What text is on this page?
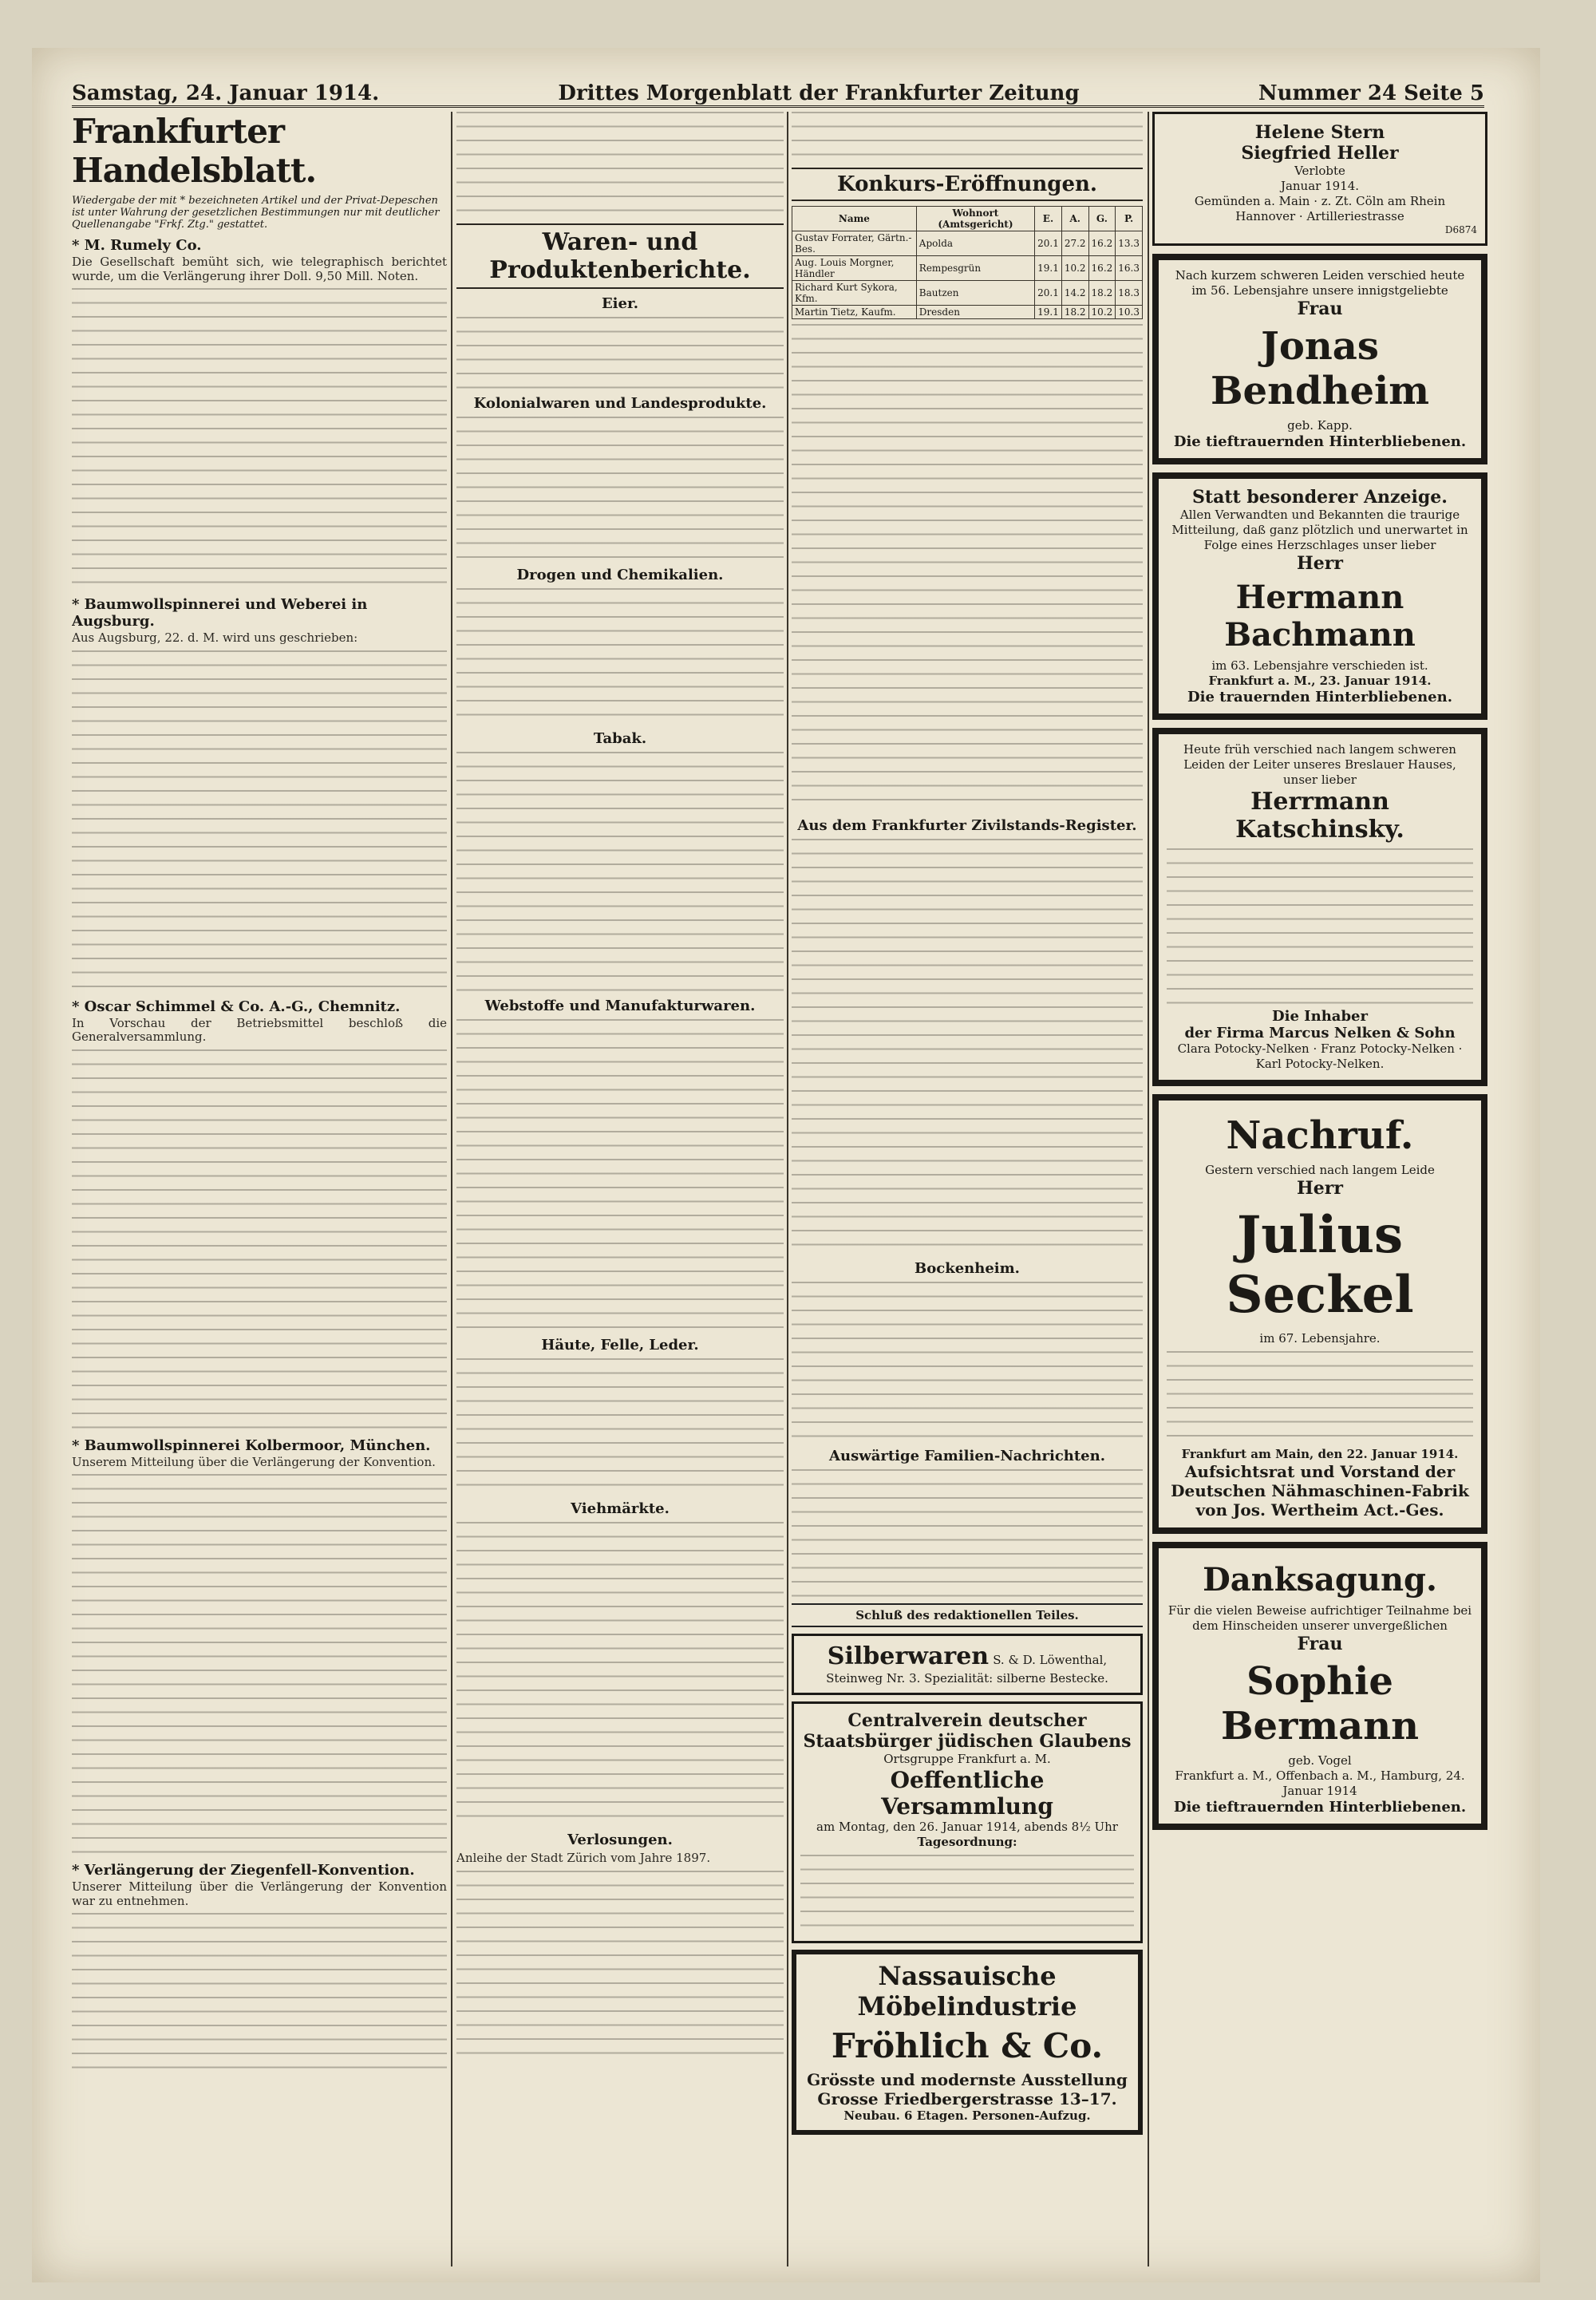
Samstag, 24. Januar 1914.	Drittes Morgenblatt der Frankfurter Zeitung	Nummer 24 Seite 5
Frankfurter Handelsblatt.
Wiedergabe der mit * bezeichneten Artikel und der Privat-Depeschen ist unter Wahrung der gesetzlichen Bestimmungen nur mit deutlicher Quellenangabe "Frkf. Ztg." gestattet.
* M. Rumely Co.
Die Gesellschaft bemüht sich, wie telegraphisch berichtet wurde, um die Verlängerung ihrer Doll. 9,50 Mill. Noten.
* Baumwollspinnerei und Weberei in Augsburg.
Aus Augsburg, 22. d. M. wird uns geschrieben:
* Oscar Schimmel & Co. A.-G., Chemnitz.
In Vorschau der Betriebsmittel beschloß die Generalversammlung.
* Baumwollspinnerei Kolbermoor, München.
Unserem Mitteilung über die Verlängerung der Konvention.
* Verlängerung der Ziegenfell-Konvention.
Unserer Mitteilung über die Verlängerung der Konvention war zu entnehmen.
Waren- und Produktenberichte.
Eier.
Kolonialwaren und Landesprodukte.
Drogen und Chemikalien.
Tabak.
Webstoffe und Manufakturwaren.
Häute, Felle, Leder.
Viehmärkte.
Verlosungen.
Anleihe der Stadt Zürich vom Jahre 1897.
Konkurs-Eröffnungen.
Name	Wohnort (Amtsgericht)	E.	A.	G.	P.
Gustav Forrater, Gärtn.-Bes.	Apolda	20.1	27.2	16.2	13.3
Aug. Louis Morgner, Händler	Rempesgrün	19.1	10.2	16.2	16.3
Richard Kurt Sykora, Kfm.	Bautzen	20.1	14.2	18.2	18.3
Martin Tietz, Kaufm.	Dresden	19.1	18.2	10.2	10.3
Aus dem Frankfurter Zivilstands-Register.
Bockenheim.
Auswärtige Familien-Nachrichten.
Schluß des redaktionellen Teiles.
Silberwaren S. & D. Löwenthal, Steinweg Nr. 3. Spezialität: silberne Bestecke.
Centralverein deutscher Staatsbürger jüdischen Glaubens
Ortsgruppe Frankfurt a. M.
Oeffentliche Versammlung
am Montag, den 26. Januar 1914, abends 8½ Uhr
Tagesordnung:
Nassauische Möbelindustrie
Fröhlich & Co.
Grösste und modernste Ausstellung
Grosse Friedbergerstrasse 13–17.
Neubau. 6 Etagen. Personen-Aufzug.
Helene Stern
Siegfried Heller
Verlobte
Januar 1914.
Gemünden a. Main · z. Zt. Cöln am Rhein
Hannover · Artilleriestrasse
D6874
Nach kurzem schweren Leiden verschied heute im 56. Lebensjahre unsere innigstgeliebte
Frau
Jonas Bendheim
geb. Kapp.
Die tieftrauernden Hinterbliebenen.
Statt besonderer Anzeige.
Allen Verwandten und Bekannten die traurige Mitteilung, daß ganz plötzlich und unerwartet in Folge eines Herzschlages unser lieber
Herr
Hermann Bachmann
im 63. Lebensjahre verschieden ist.
Frankfurt a. M., 23. Januar 1914.
Die trauernden Hinterbliebenen.
Heute früh verschied nach langem schweren Leiden der Leiter unseres Breslauer Hauses, unser lieber
Herrmann Katschinsky.
Die Inhaber
der Firma Marcus Nelken & Sohn
Clara Potocky-Nelken · Franz Potocky-Nelken · Karl Potocky-Nelken.
Nachruf.
Gestern verschied nach langem Leide
Herr
Julius Seckel
im 67. Lebensjahre.
Frankfurt am Main, den 22. Januar 1914.
Aufsichtsrat und Vorstand der Deutschen Nähmaschinen-Fabrik von Jos. Wertheim Act.-Ges.
Danksagung.
Für die vielen Beweise aufrichtiger Teilnahme bei dem Hinscheiden unserer unvergeßlichen
Frau
Sophie Bermann
geb. Vogel
Frankfurt a. M., Offenbach a. M., Hamburg, 24. Januar 1914
Die tieftrauernden Hinterbliebenen.
